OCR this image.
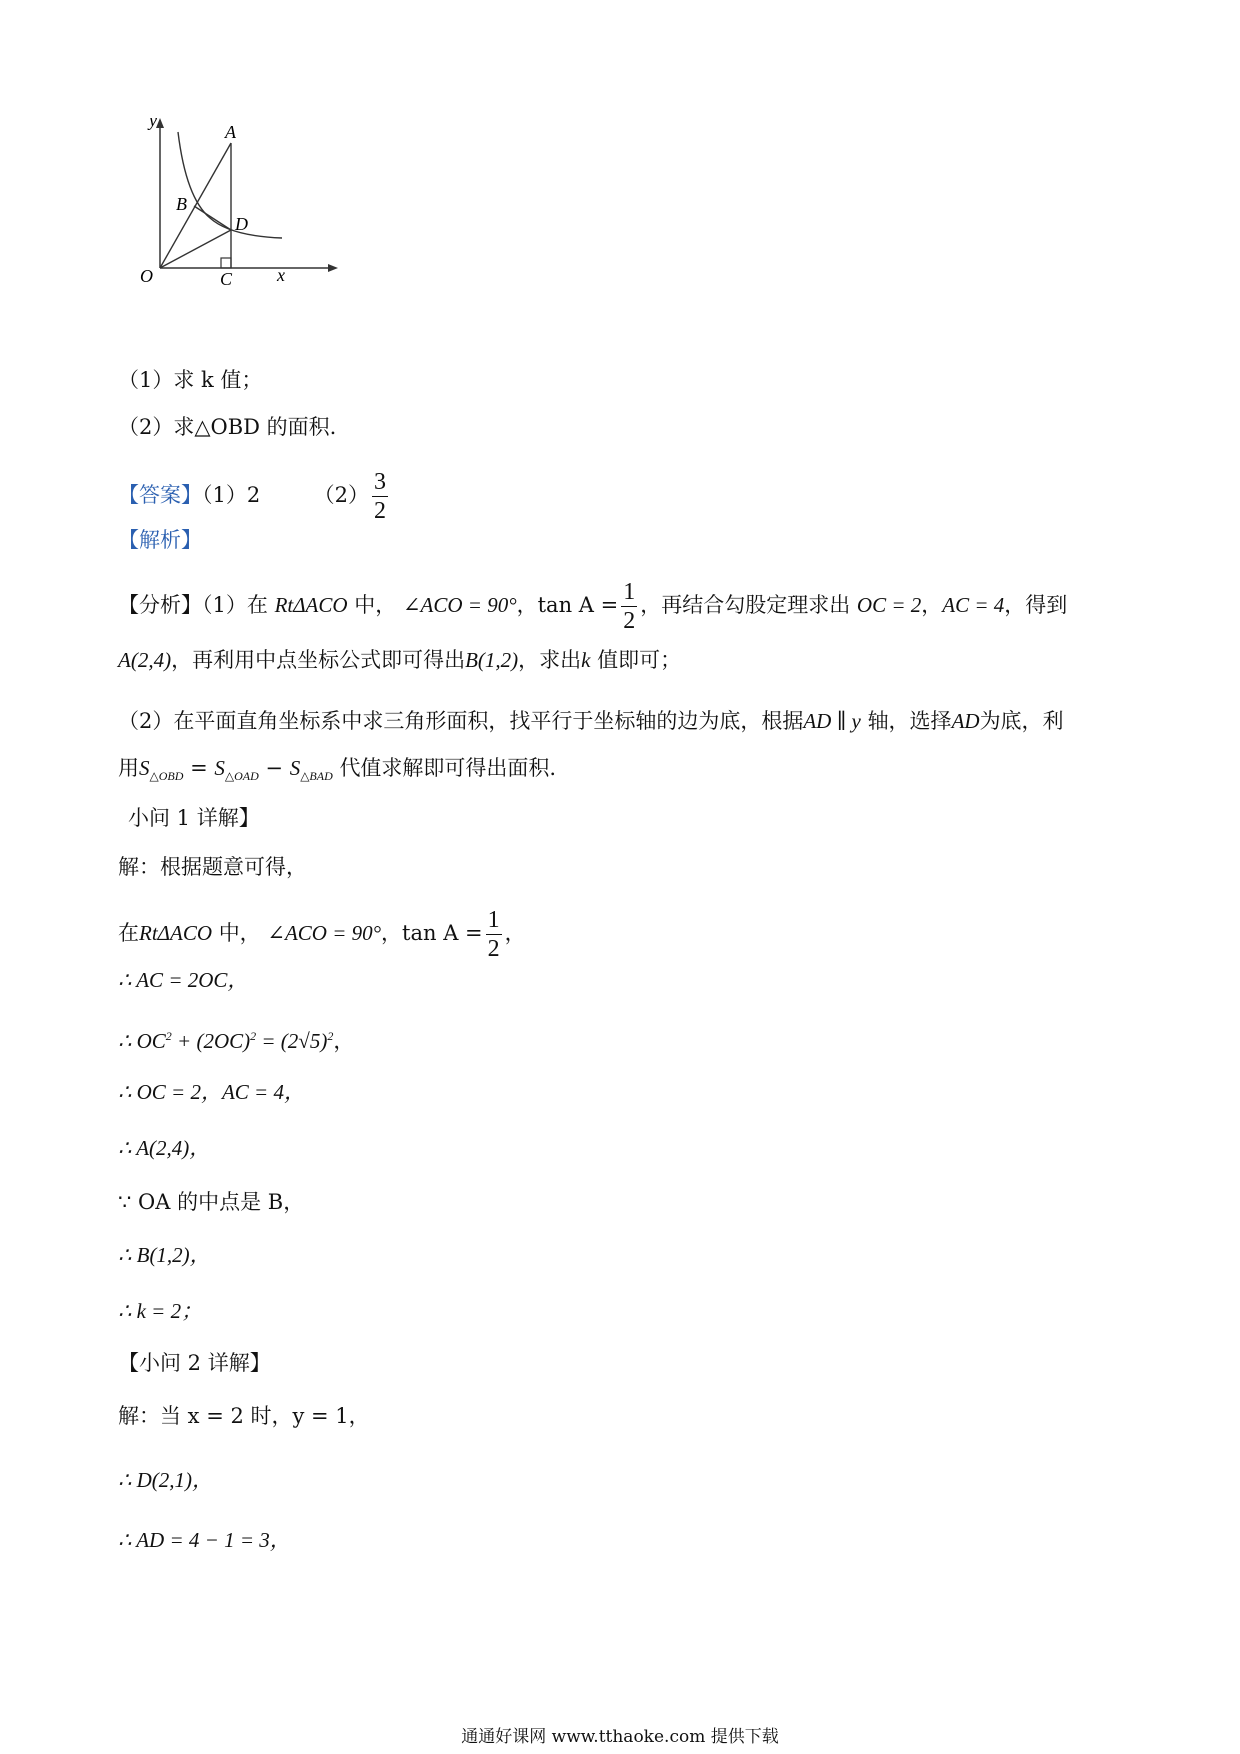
y
x
O
A
B
C
D
（1）求 k 值；
（2）求△OBD 的面积.
【答案】（1）2	$(2) \frac{3}{2}$
【解析】
【分析】（1）在 RtΔACO 中， ∠ACO = 90°，$\tan A = \frac{1}{2}$ ，再结合勾股定理求出 OC = 2，AC = 4，得到
A(2,4)，再利用中点坐标公式即可得出B(1,2)，求出k 值即可；
（2）在平面直角坐标系中求三角形面积，找平行于坐标轴的边为底，根据AD ∥ y 轴，选择AD为底，利
用$S_{\triangle OBD} = S_{\triangle OAD} - S_{\triangle BAD}$ 代值求解即可得出面积.
小问 1 详解】
解：根据题意可得，
在RtΔACO 中， ∠ACO = 90°，$\tan A = \frac{1}{2}$ ，
∴ AC = 2OC，
∴ $OC^2 + (2OC)^2 = (2√5)^2$，
∴ OC = 2，AC = 4，
∴ A(2,4)，
∵ OA 的中点是 B，
∴ B(1,2)，
∴ k = 2；
【小问 2 详解】
解：当 x = 2 时，y = 1，
∴ D(2,1)，
∴ AD = 4 − 1 = 3，
通通好课网 www.tthaoke.com 提供下载
